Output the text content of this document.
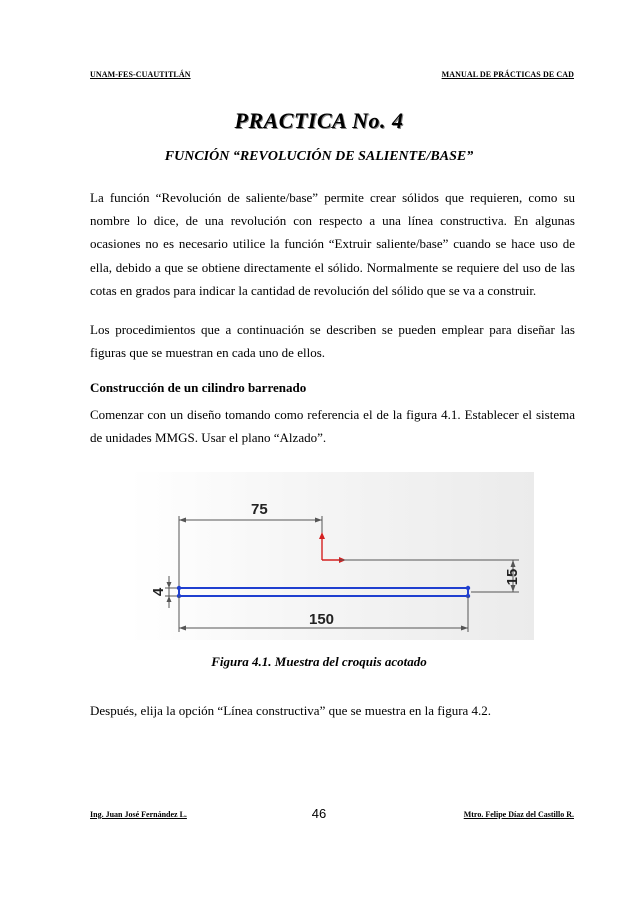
UNAM-FES-CUAUTITLÁN	MANUAL DE PRÁCTICAS DE CAD
PRACTICA No. 4
FUNCIÓN “REVOLUCIÓN DE SALIENTE/BASE”
La función “Revolución de saliente/base” permite crear sólidos que requieren, como su nombre lo dice, de una revolución con respecto a una línea constructiva. En algunas ocasiones no es necesario utilice la función “Extruir saliente/base” cuando se hace uso de ella, debido a que se obtiene directamente el sólido. Normalmente se requiere del uso de las cotas en grados para indicar la cantidad de revolución del sólido que se va a construir.
Los procedimientos que a continuación se describen se pueden emplear para diseñar las figuras que se muestran en cada uno de ellos.
Construcción de un cilindro barrenado
Comenzar con un diseño tomando como referencia el de la figura 4.1. Establecer el sistema de unidades MMGS. Usar el plano “Alzado”.
75
15
4
150
Figura 4.1. Muestra del croquis acotado
Después, elija la opción “Línea constructiva” que se muestra en la figura 4.2.
Ing. Juan José Fernández L.	46	Mtro. Felipe Díaz del Castillo R.
